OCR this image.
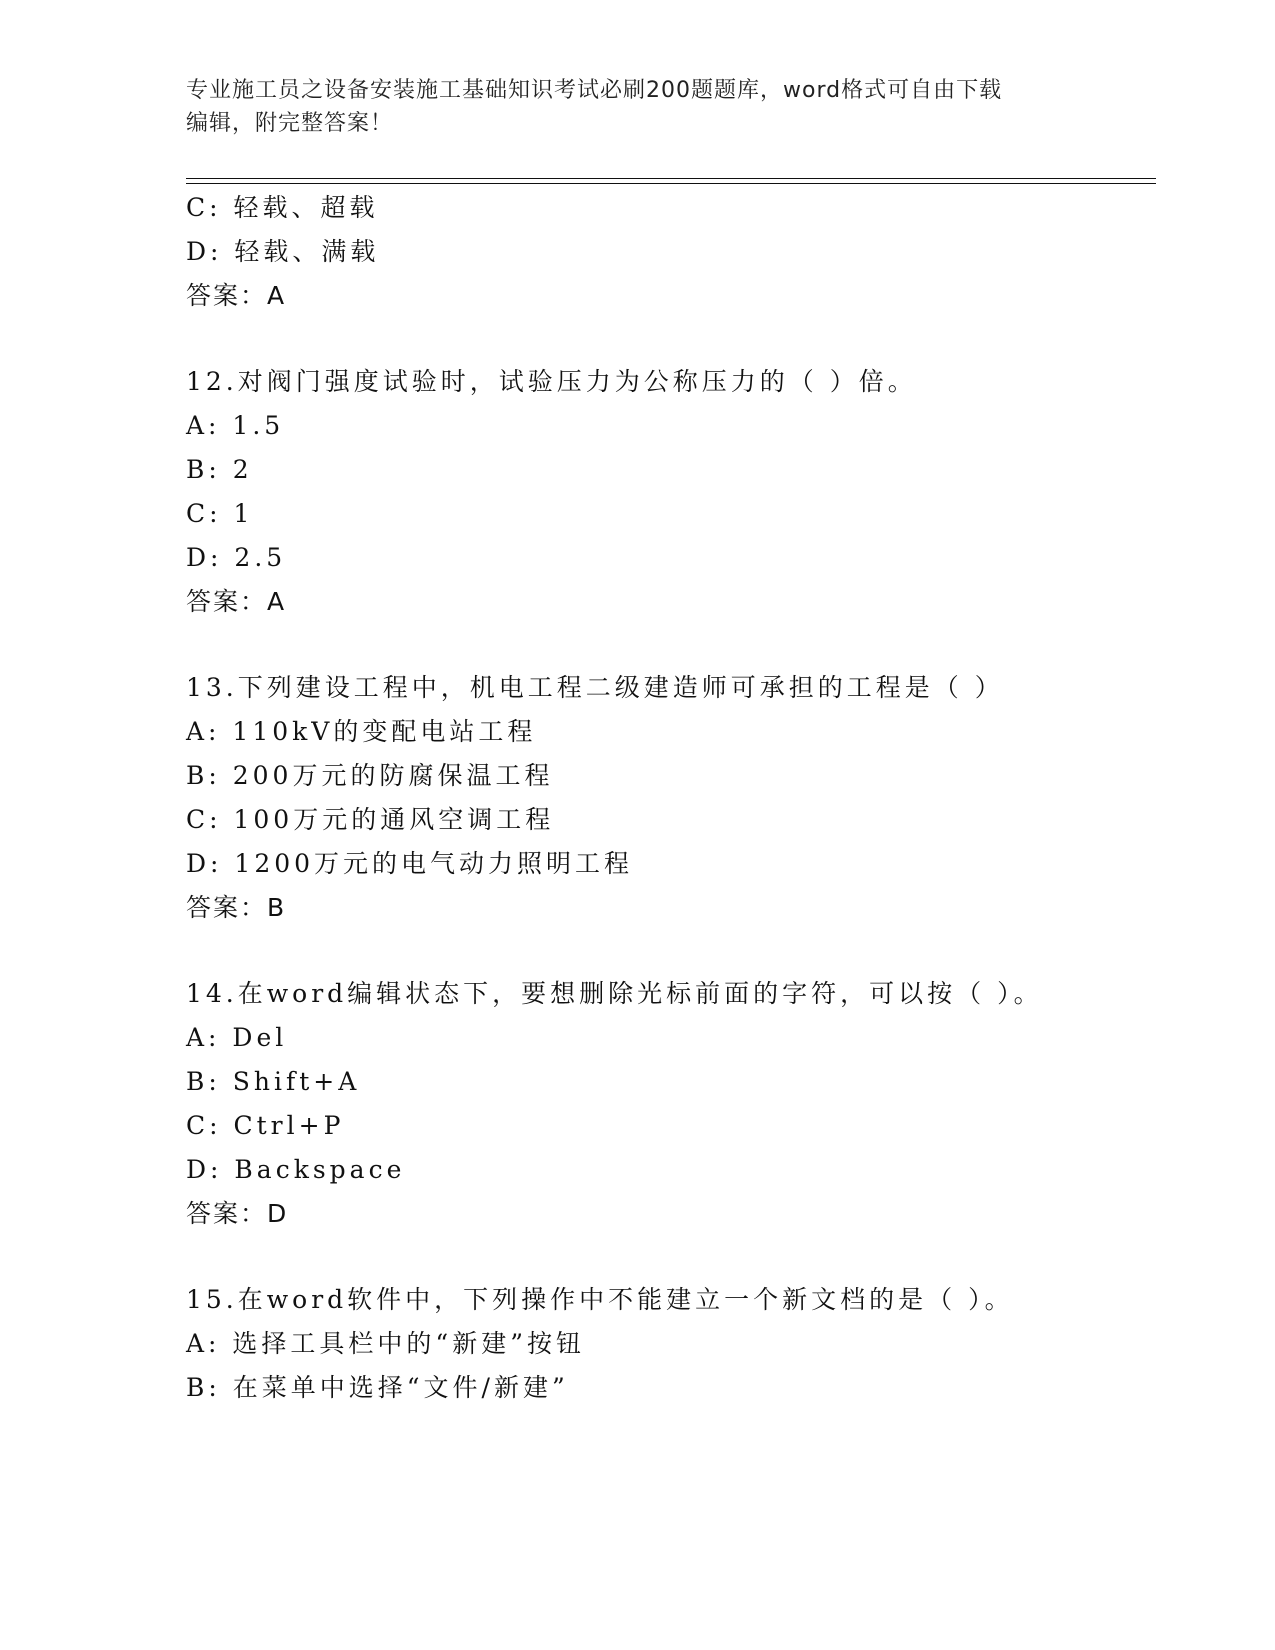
专业施工员之设备安装施工基础知识考试必刷200题题库，word格式可自由下载
编辑，附完整答案！
C: 轻载、超载
D: 轻载、满载
答案：A
12.对阀门强度试验时，试验压力为公称压力的（ ）倍。
A: 1.5
B: 2
C: 1
D: 2.5
答案：A
13.下列建设工程中，机电工程二级建造师可承担的工程是（ ）
A: 110kV的变配电站工程
B: 200万元的防腐保温工程
C: 100万元的通风空调工程
D: 1200万元的电气动力照明工程
答案：B
14.在word编辑状态下，要想删除光标前面的字符，可以按（ ）。
A: Del
B: Shift+A
C: Ctrl+P
D: Backspace
答案：D
15.在word软件中，下列操作中不能建立一个新文档的是（ ）。
A: 选择工具栏中的“新建”按钮
B: 在菜单中选择“文件/新建”
